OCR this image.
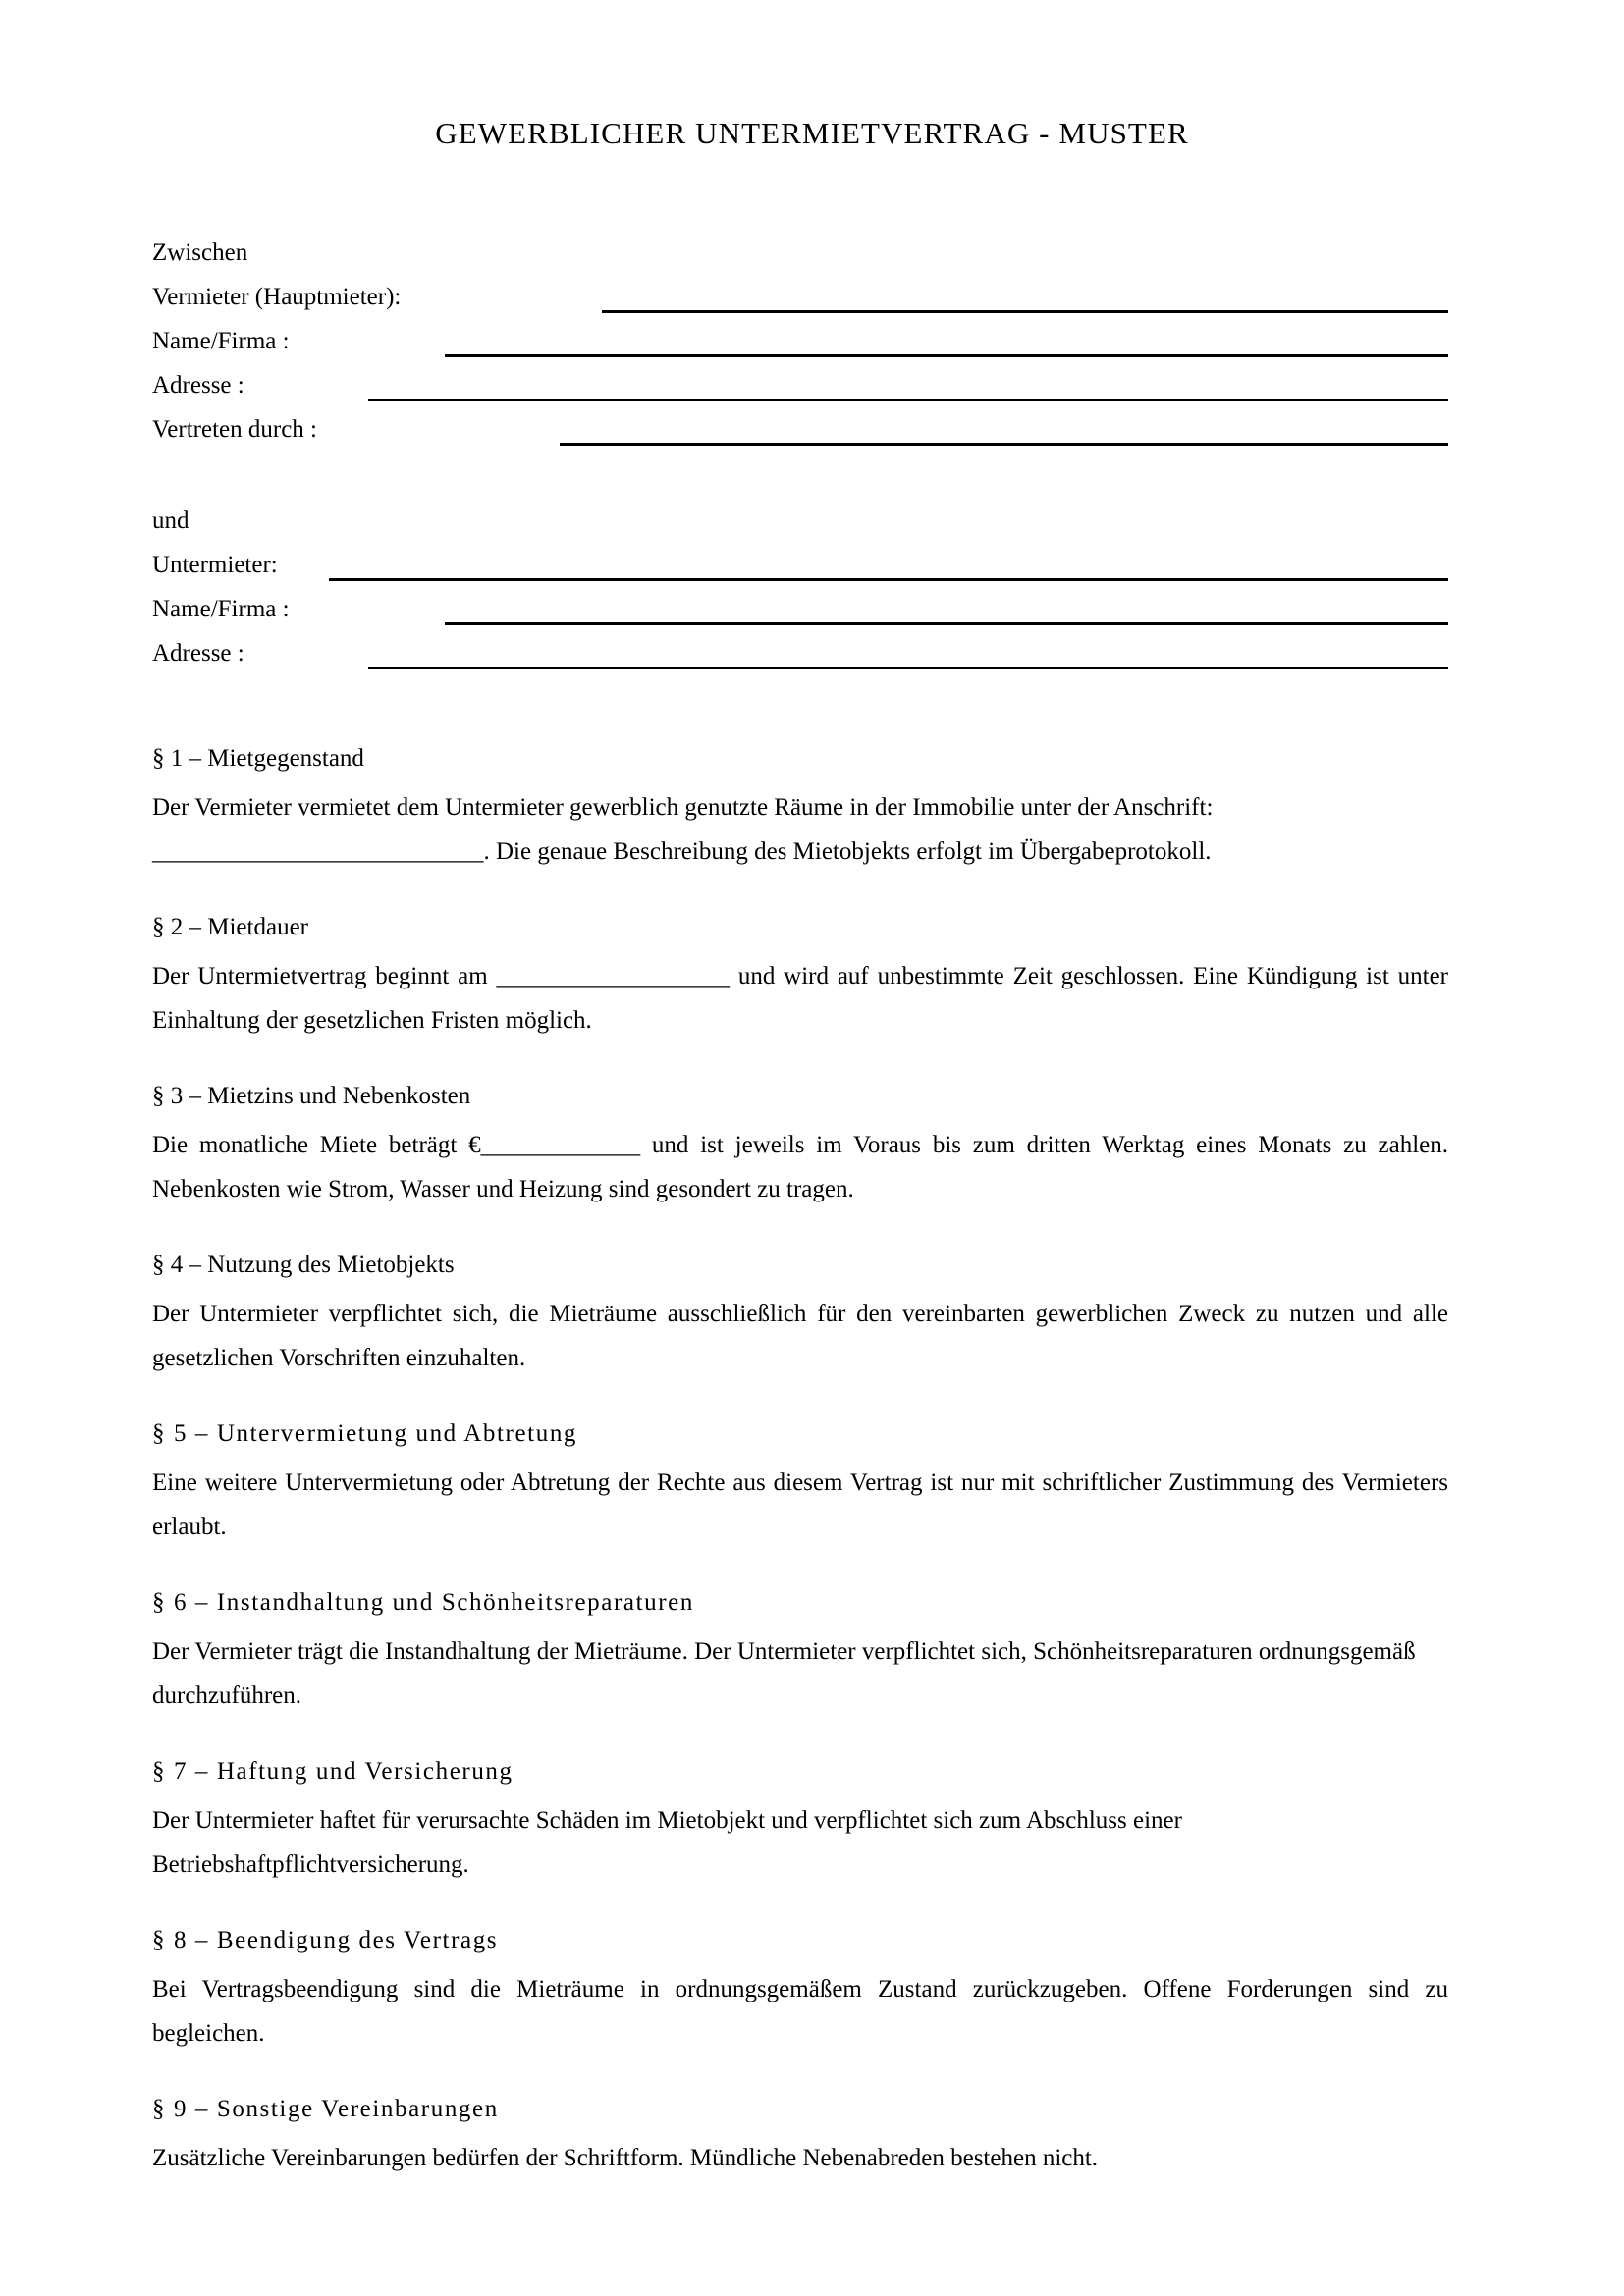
GEWERBLICHER UNTERMIETVERTRAG - MUSTER
Zwischen
Vermieter (Hauptmieter):
Name/Firma :
Adresse :
Vertreten durch :
und
Untermieter:
Name/Firma :
Adresse :
§ 1 – Mietgegenstand
Der Vermieter vermietet dem Untermieter gewerblich genutzte Räume in der Immobilie unter der Anschrift:
___________________________. Die genaue Beschreibung des Mietobjekts erfolgt im Übergabeprotokoll.
§ 2 – Mietdauer
Der Untermietvertrag beginnt am ___________________ und wird auf unbestimmte Zeit geschlossen. Eine Kündigung ist unter Einhaltung der gesetzlichen Fristen möglich.
§ 3 – Mietzins und Nebenkosten
Die monatliche Miete beträgt €_____________ und ist jeweils im Voraus bis zum dritten Werktag eines Monats zu zahlen. Nebenkosten wie Strom, Wasser und Heizung sind gesondert zu tragen.
§ 4 – Nutzung des Mietobjekts
Der Untermieter verpflichtet sich, die Mieträume ausschließlich für den vereinbarten gewerblichen Zweck zu nutzen und alle gesetzlichen Vorschriften einzuhalten.
§ 5 – Untervermietung und Abtretung
Eine weitere Untervermietung oder Abtretung der Rechte aus diesem Vertrag ist nur mit schriftlicher Zustimmung des Vermieters erlaubt.
§ 6 – Instandhaltung und Schönheitsreparaturen
Der Vermieter trägt die Instandhaltung der Mieträume. Der Untermieter verpflichtet sich, Schönheitsreparaturen ordnungsgemäß durchzuführen.
§ 7 – Haftung und Versicherung
Der Untermieter haftet für verursachte Schäden im Mietobjekt und verpflichtet sich zum Abschluss einer Betriebshaftpflichtversicherung.
§ 8 – Beendigung des Vertrags
Bei Vertragsbeendigung sind die Mieträume in ordnungsgemäßem Zustand zurückzugeben. Offene Forderungen sind zu begleichen.
§ 9 – Sonstige Vereinbarungen
Zusätzliche Vereinbarungen bedürfen der Schriftform. Mündliche Nebenabreden bestehen nicht.
